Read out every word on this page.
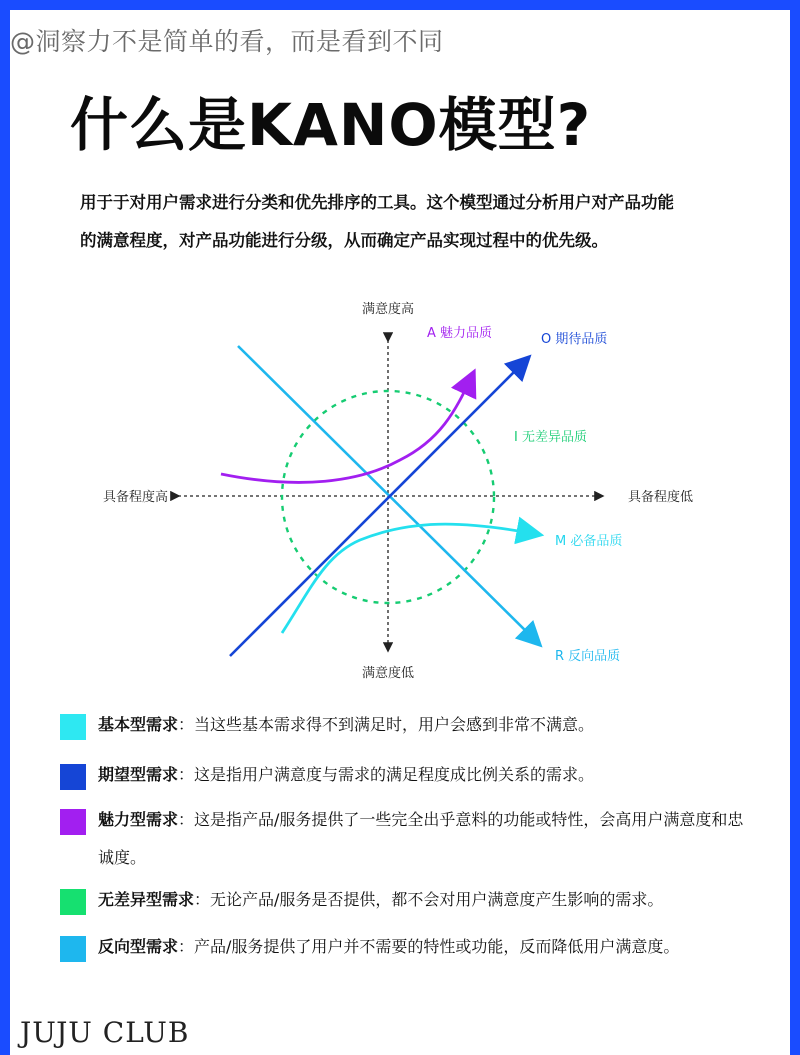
@洞察力不是简单的看，而是看到不同
什么是KANO模型?
用于于对用户需求进行分类和优先排序的工具。这个模型通过分析用户对产品功能
的满意程度，对产品功能进行分级，从而确定产品实现过程中的优先级。
满意度高
满意度低
具备程度高	具备程度低
A 魅力品质	O 期待品质
I 无差异品质
M 必备品质
R 反向品质
基本型需求：当这些基本需求得不到满足时，用户会感到非常不满意。
期望型需求：这是指用户满意度与需求的满足程度成比例关系的需求。
魅力型需求：这是指产品/服务提供了一些完全出乎意料的功能或特性，会高用户满意度和忠诚度。
无差异型需求：无论产品/服务是否提供，都不会对用户满意度产生影响的需求。
反向型需求：产品/服务提供了用户并不需要的特性或功能，反而降低用户满意度。
JUJU CLUB
